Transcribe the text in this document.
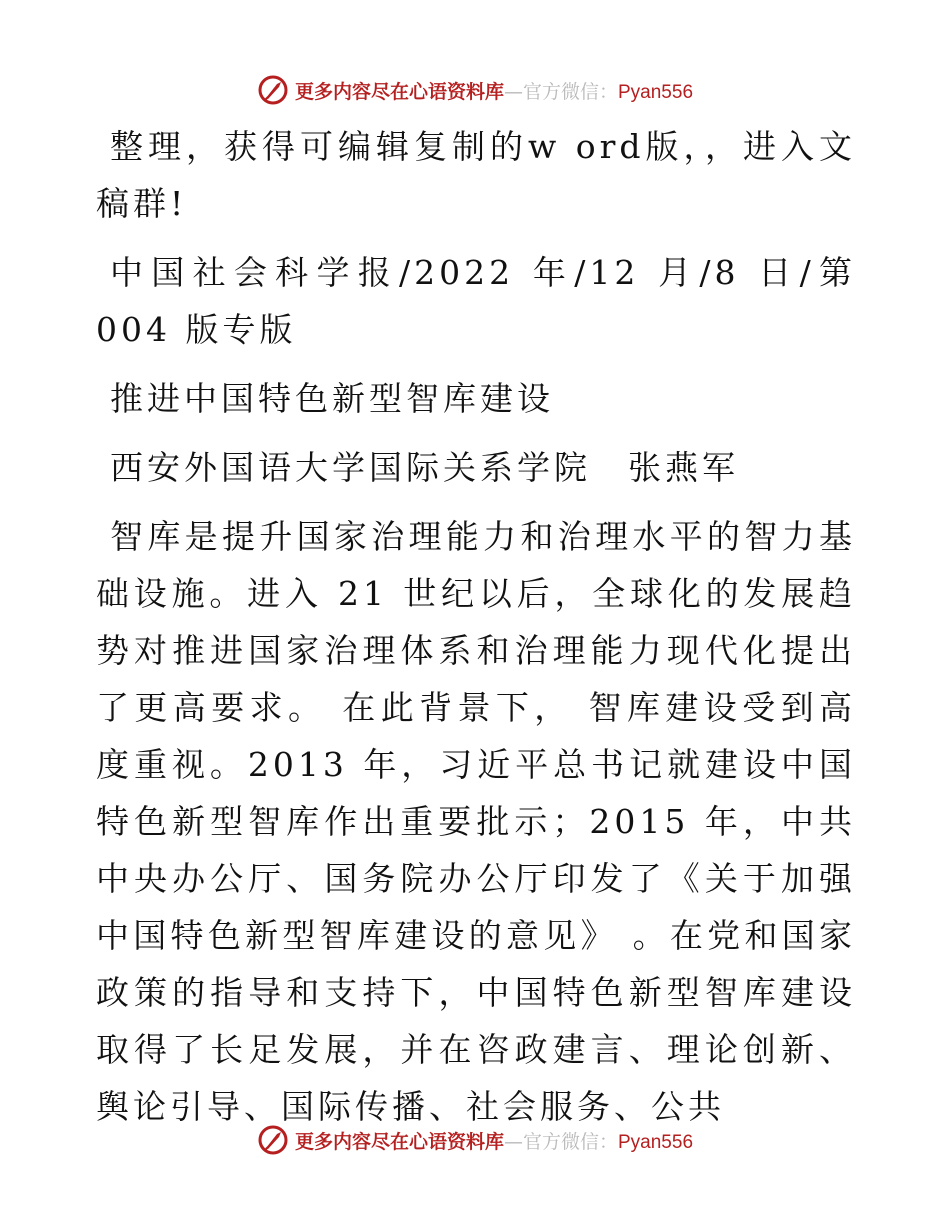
更多内容尽在心语资料库—官方微信：Pyan556

整理，获得可编辑复制的w ord版，，进入文稿群!

中国社会科学报/2022 年/12 月/8 日/第 004 版专版

推进中国特色新型智库建设

西安外国语大学国际关系学院　张燕军

智库是提升国家治理能力和治理水平的智力基础设施。进入 21 世纪以后，全球化的发展趋势对推进国家治理体系和治理能力现代化提出了更高要求。 在此背景下， 智库建设受到高度重视。2013 年，习近平总书记就建设中国特色新型智库作出重要批示；2015 年，中共中央办公厅、国务院办公厅印发了《关于加强中国特色新型智库建设的意见》 。在党和国家政策的指导和支持下，中国特色新型智库建设取得了长足发展，并在咨政建言、理论创新、舆论引导、国际传播、社会服务、公共

更多内容尽在心语资料库—官方微信：Pyan556
